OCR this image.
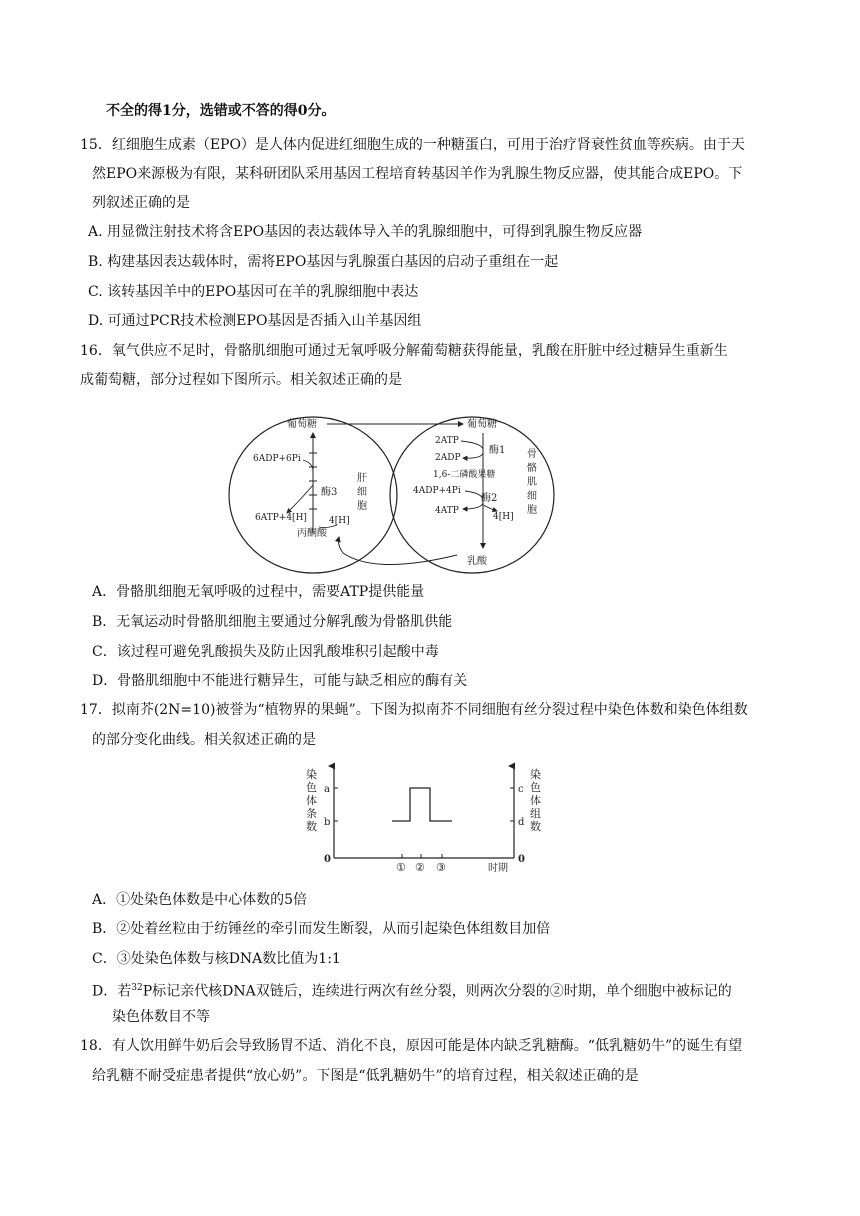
不全的得1分，选错或不答的得0分。
15．红细胞生成素（EPO）是人体内促进红细胞生成的一种糖蛋白，可用于治疗肾衰性贫血等疾病。由于天
然EPO来源极为有限，某科研团队采用基因工程培育转基因羊作为乳腺生物反应器，使其能合成EPO。下
列叙述正确的是
A. 用显微注射技术将含EPO基因的表达载体导入羊的乳腺细胞中，可得到乳腺生物反应器
B. 构建基因表达载体时，需将EPO基因与乳腺蛋白基因的启动子重组在一起
C. 该转基因羊中的EPO基因可在羊的乳腺细胞中表达
D. 可通过PCR技术检测EPO基因是否插入山羊基因组
16．氧气供应不足时，骨骼肌细胞可通过无氧呼吸分解葡萄糖获得能量，乳酸在肝脏中经过糖异生重新生
成葡萄糖，部分过程如下图所示。相关叙述正确的是
葡萄糖
6ADP+6Pi
酶3
6ATP+4[H] 4[H]
丙酮酸
肝
细
胞
葡萄糖
2ATP
酶1
2ADP
1,6-二磷酸果糖
4ADP+4Pi
酶2
4ATP
4[H]
乳酸
骨
骼
肌
细
胞
A．骨骼肌细胞无氧呼吸的过程中，需要ATP提供能量
B．无氧运动时骨骼肌细胞主要通过分解乳酸为骨骼肌供能
C．该过程可避免乳酸损失及防止因乳酸堆积引起酸中毒
D．骨骼肌细胞中不能进行糖异生，可能与缺乏相应的酶有关
17．拟南芥(2N=10)被誉为“植物界的果蝇”。下图为拟南芥不同细胞有丝分裂过程中染色体数和染色体组数
的部分变化曲线。相关叙述正确的是
染
色
体
条
数
a
b
0
染
色
体
组
数
c
d
0
① ② ③	时期
A．①处染色体数是中心体数的5倍
B．②处着丝粒由于纺锤丝的牵引而发生断裂，从而引起染色体组数目加倍
C．③处染色体数与核DNA数比值为1:1
D．若$^{32}$P标记亲代核DNA双链后，连续进行两次有丝分裂，则两次分裂的②时期，单个细胞中被标记的
染色体数目不等
18．有人饮用鲜牛奶后会导致肠胃不适、消化不良，原因可能是体内缺乏乳糖酶。“低乳糖奶牛”的诞生有望
给乳糖不耐受症患者提供“放心奶”。下图是“低乳糖奶牛”的培育过程，相关叙述正确的是
